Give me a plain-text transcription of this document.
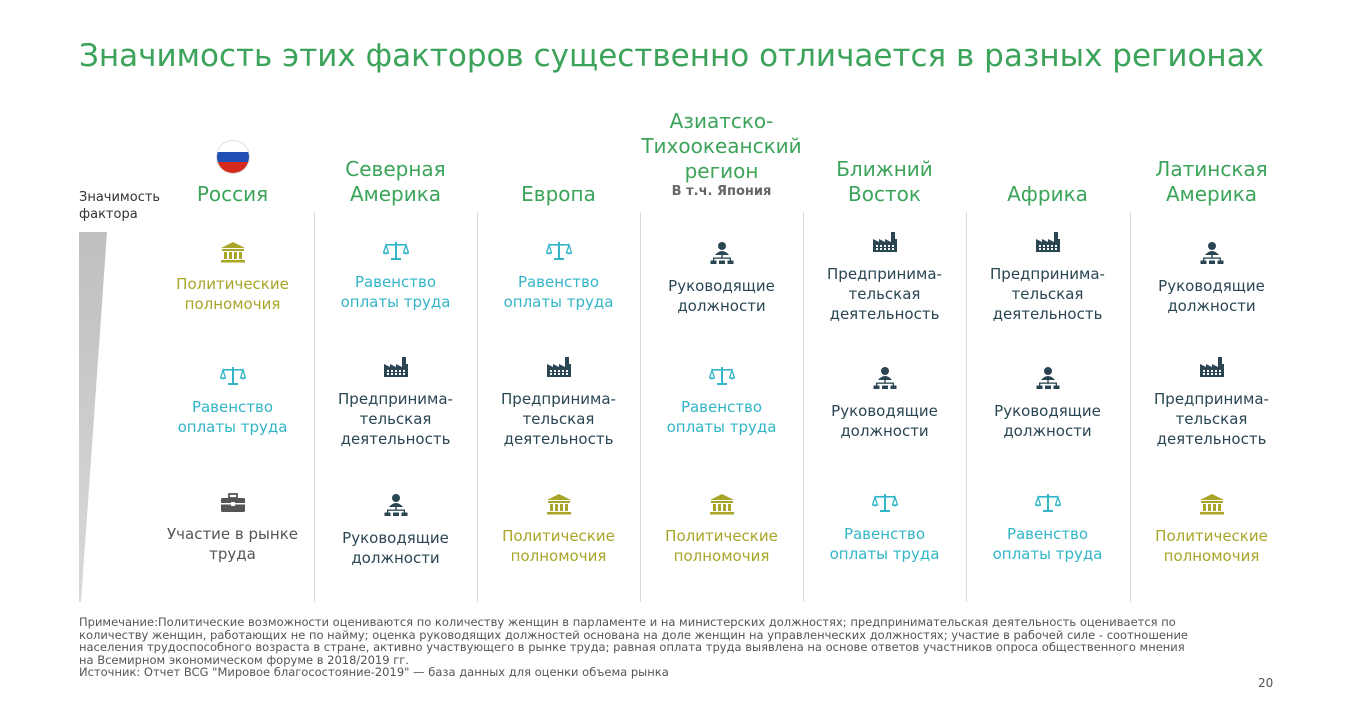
Значимость этих факторов существенно отличается в разных регионах
Значимость
фактора
Россия
Северная
Америка	Европа
Азиатско-
Тихоокеанский
регион
В т.ч. Япония
Ближний
Восток	Африка
Латинская
Америка
Политические
полномочия
Равенство
оплаты труда
Участие в рынке
труда
Равенство
оплаты труда
Предпринима-
тельская
деятельность
Руководящие
должности
Равенство
оплаты труда
Предпринима-
тельская
деятельность
Политические
полномочия
Руководящие
должности
Равенство
оплаты труда
Политические
полномочия
Предпринима-
тельская
деятельность
Руководящие
должности
Равенство
оплаты труда
Предпринима-
тельская
деятельность
Руководящие
должности
Равенство
оплаты труда
Руководящие
должности
Предпринима-
тельская
деятельность
Политические
полномочия
Примечание:Политические возможности оцениваются по количеству женщин в парламенте и на министерских должностях; предпринимательская деятельность оценивается по
количеству женщин, работающих не по найму; оценка руководящих должностей основана на доле женщин на управленческих должностях; участие в рабочей силе - соотношение
населения трудоспособного возраста в стране, активно участвующего в рынке труда; равная оплата труда выявлена на основе ответов участников опроса общественного мнения
на Всемирном экономическом форуме в 2018/2019 гг.
Источник: Отчет BCG "Мировое благосостояние-2019" — база данных для оценки объема рынка
20
